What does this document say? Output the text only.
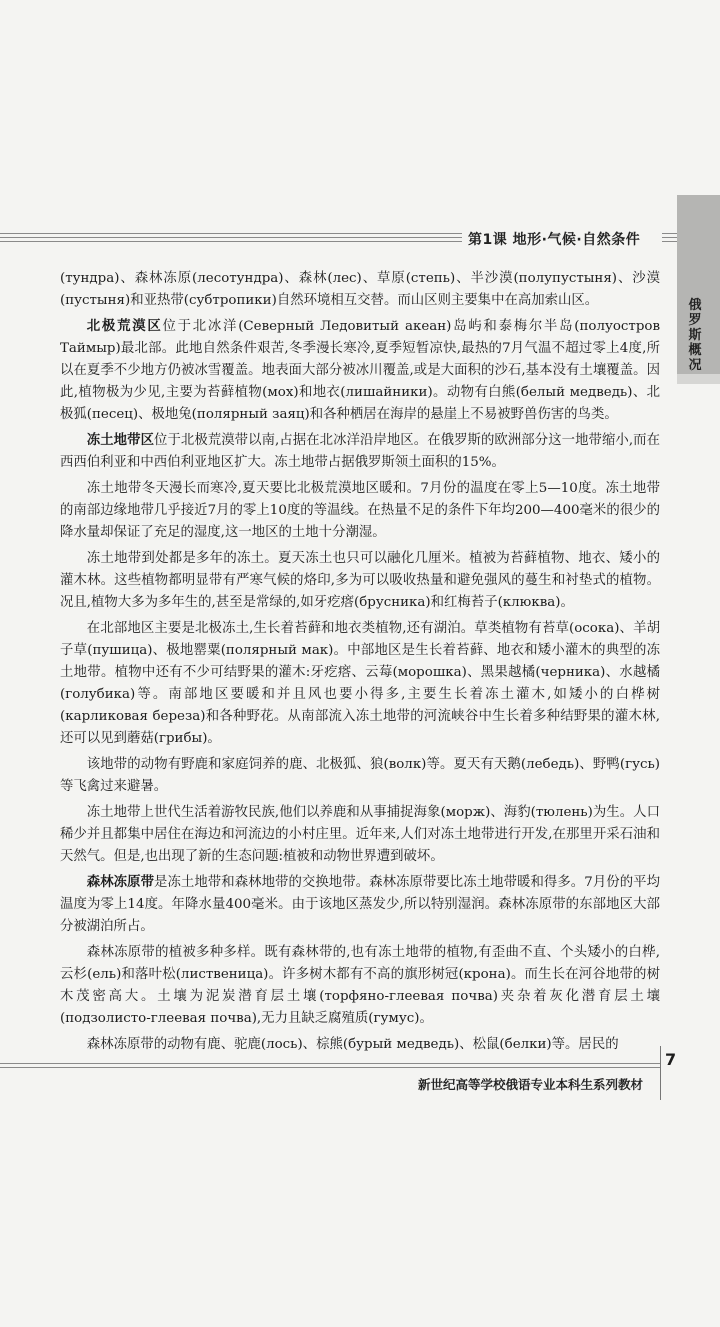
第1课 地形·气候·自然条件
俄
罗
斯
概
况

(тундра)、森林冻原(лесотундра)、森林(лес)、草原(степь)、半沙漠(полупустыня)、沙漠(пустыня)和亚热带(субтропики)自然环境相互交替。而山区则主要集中在高加索山区。

北极荒漠区位于北冰洋(Северный Ледовитый акеан)岛屿和泰梅尔半岛(полуостров Таймыр)最北部。此地自然条件艰苦,冬季漫长寒冷,夏季短暂凉快,最热的7月气温不超过零上4度,所以在夏季不少地方仍被冰雪覆盖。地表面大部分被冰川覆盖,或是大面积的沙石,基本没有土壤覆盖。因此,植物极为少见,主要为苔藓植物(мох)和地衣(лишайники)。动物有白熊(белый медведь)、北极狐(песец)、极地兔(полярный заяц)和各种栖居在海岸的悬崖上不易被野兽伤害的鸟类。

冻土地带区位于北极荒漠带以南,占据在北冰洋沿岸地区。在俄罗斯的欧洲部分这一地带缩小,而在西西伯利亚和中西伯利亚地区扩大。冻土地带占据俄罗斯领土面积的15%。

冻土地带冬天漫长而寒冷,夏天要比北极荒漠地区暖和。7月份的温度在零上5—10度。冻土地带的南部边缘地带几乎接近7月的零上10度的等温线。在热量不足的条件下年均200—400毫米的很少的降水量却保证了充足的湿度,这一地区的土地十分潮湿。

冻土地带到处都是多年的冻土。夏天冻土也只可以融化几厘米。植被为苔藓植物、地衣、矮小的灌木林。这些植物都明显带有严寒气候的烙印,多为可以吸收热量和避免强风的蔓生和衬垫式的植物。况且,植物大多为多年生的,甚至是常绿的,如牙疙瘩(брусника)和红梅苔子(клюква)。

在北部地区主要是北极冻土,生长着苔藓和地衣类植物,还有湖泊。草类植物有苔草(осока)、羊胡子草(пушица)、极地罂粟(полярный мак)。中部地区是生长着苔藓、地衣和矮小灌木的典型的冻土地带。植物中还有不少可结野果的灌木:牙疙瘩、云莓(морошка)、黑果越橘(черника)、水越橘(голубика)等。南部地区要暖和并且风也要小得多,主要生长着冻土灌木,如矮小的白桦树(карликовая береза)和各种野花。从南部流入冻土地带的河流峡谷中生长着多种结野果的灌木林,还可以见到蘑菇(грибы)。

该地带的动物有野鹿和家庭饲养的鹿、北极狐、狼(волк)等。夏天有天鹅(лебедь)、野鸭(гусь)等飞禽过来避暑。

冻土地带上世代生活着游牧民族,他们以养鹿和从事捕捉海象(морж)、海豹(тюлень)为生。人口稀少并且都集中居住在海边和河流边的小村庄里。近年来,人们对冻土地带进行开发,在那里开采石油和天然气。但是,也出现了新的生态问题:植被和动物世界遭到破坏。

森林冻原带是冻土地带和森林地带的交换地带。森林冻原带要比冻土地带暖和得多。7月份的平均温度为零上14度。年降水量400毫米。由于该地区蒸发少,所以特别湿润。森林冻原带的东部地区大部分被湖泊所占。

森林冻原带的植被多种多样。既有森林带的,也有冻土地带的植物,有歪曲不直、个头矮小的白桦,云杉(ель)和落叶松(лиственица)。许多树木都有不高的旗形树冠(крона)。而生长在河谷地带的树木茂密高大。土壤为泥炭潜育层土壤(торфяно-глеевая почва)夹杂着灰化潜育层土壤(подзолисто-глеевая почва),无力且缺乏腐殖质(гумус)。

森林冻原带的动物有鹿、驼鹿(лось)、棕熊(бурый медведь)、松鼠(белки)等。居民的

7
新世纪高等学校俄语专业本科生系列教材
